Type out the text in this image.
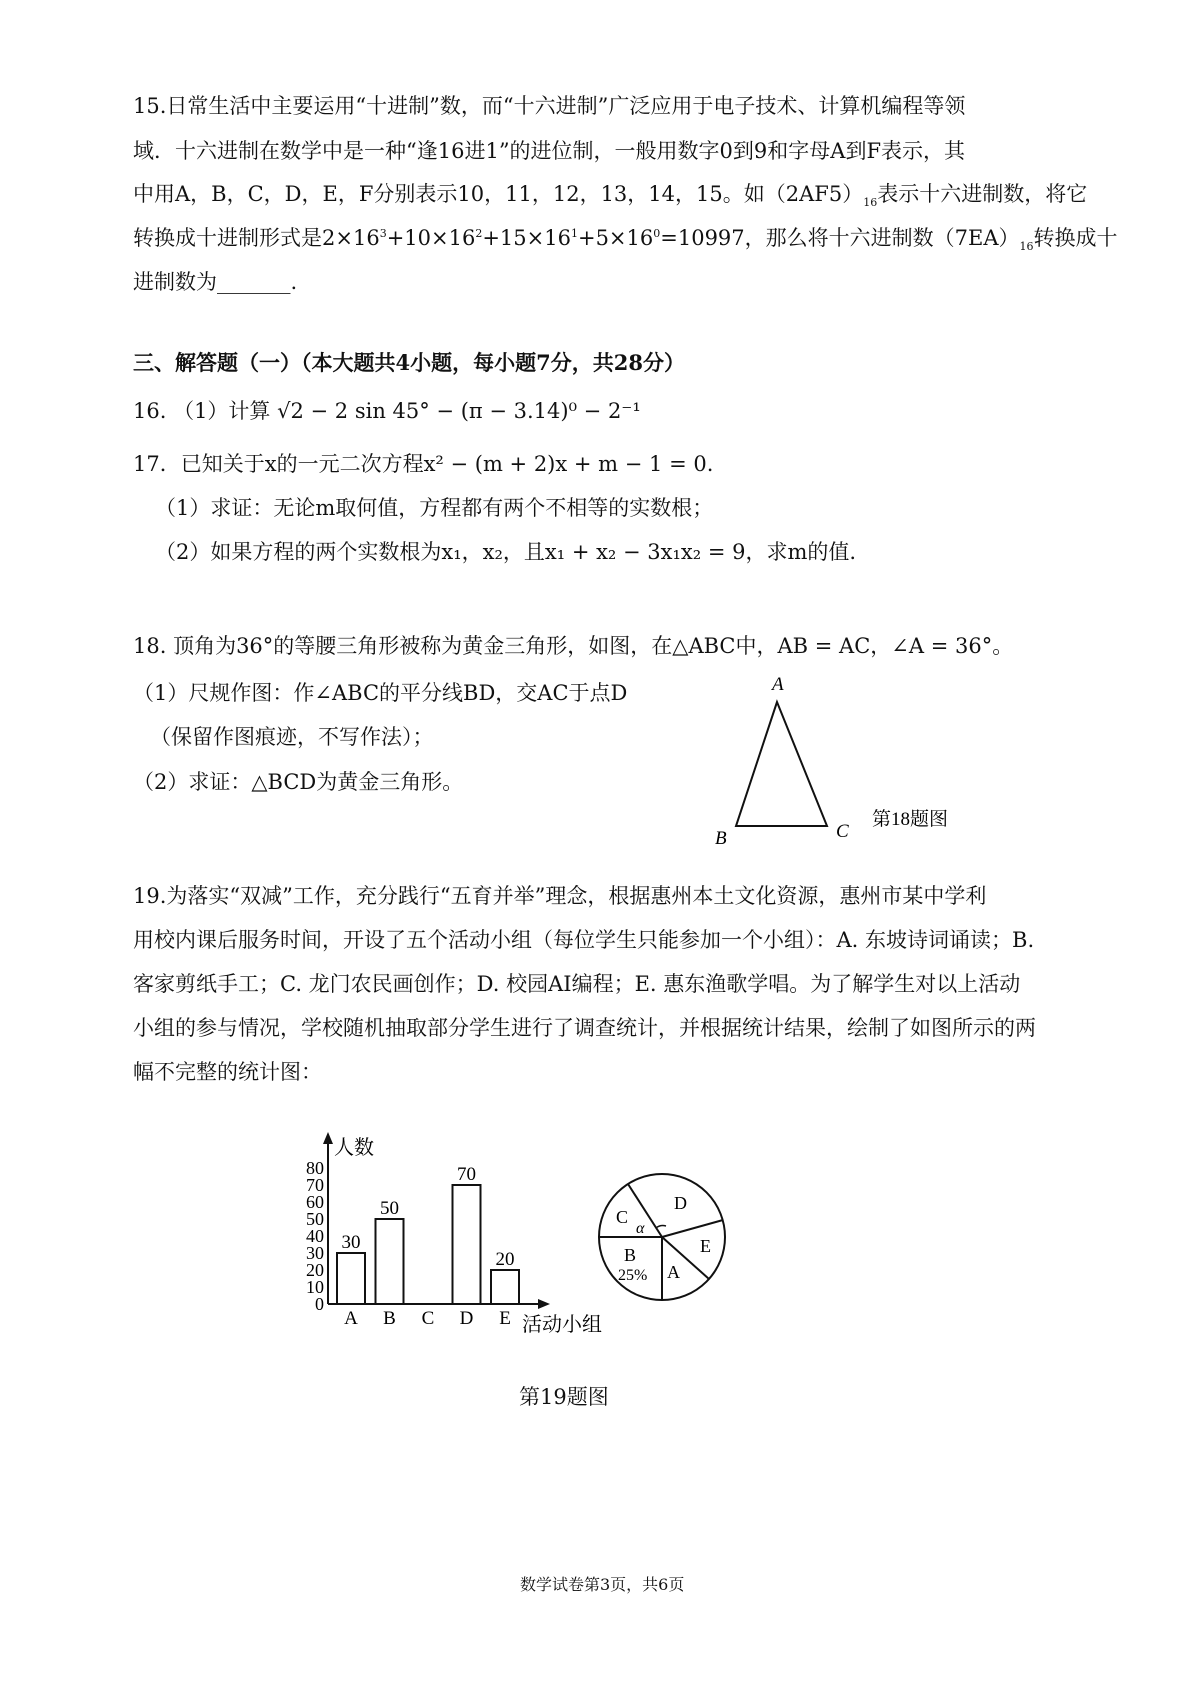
15.日常生活中主要运用“十进制”数，而“十六进制”广泛应用于电子技术、计算机编程等领
域．十六进制在数学中是一种“逢16进1”的进位制，一般用数字0到9和字母A到F表示，其
中用A，B，C，D，E，F分别表示10，11，12，13，14，15。如$(2AF5)_{16}$表示十六进制数，将它
转换成十进制形式是$2\times 16^3+10\times 16^2+15\times 16^1+5\times 16^0=10997$，那么将十六进制数$(7EA)_{16}$转换成十
进制数为_______.
三、解答题（一）（本大题共4小题，每小题7分，共28分）
16. （1）计算 √2 − 2 sin 45° − (π − 3.14)⁰ − 2⁻¹
17．已知关于x的一元二次方程x² − (m + 2)x + m − 1 = 0.
（1）求证：无论m取何值，方程都有两个不相等的实数根；
（2）如果方程的两个实数根为x₁，x₂，且x₁ + x₂ − 3x₁x₂ = 9，求m的值.
18. 顶角为36°的等腰三角形被称为黄金三角形，如图，在△ABC中，AB = AC，∠A = 36°。
（1）尺规作图：作∠ABC的平分线BD，交AC于点D
（保留作图痕迹，不写作法）；
（2）求证：△BCD为黄金三角形。
A
B	C
第18题图
19.为落实“双减”工作，充分践行“五育并举”理念，根据惠州本土文化资源，惠州市某中学利
用校内课后服务时间，开设了五个活动小组（每位学生只能参加一个小组）：A. 东坡诗词诵读；B.
客家剪纸手工；C. 龙门农民画创作；D. 校园AI编程；E. 惠东渔歌学唱。为了解学生对以上活动
小组的参与情况，学校随机抽取部分学生进行了调查统计，并根据统计结果，绘制了如图所示的两
幅不完整的统计图：
人数
活动小组
0
10
20
30
40
50
60
70
80
30
A
50
B C
70
D
20
E
D
E
A
B
25%
C
α
第19题图
数学试卷第3页，共6页
